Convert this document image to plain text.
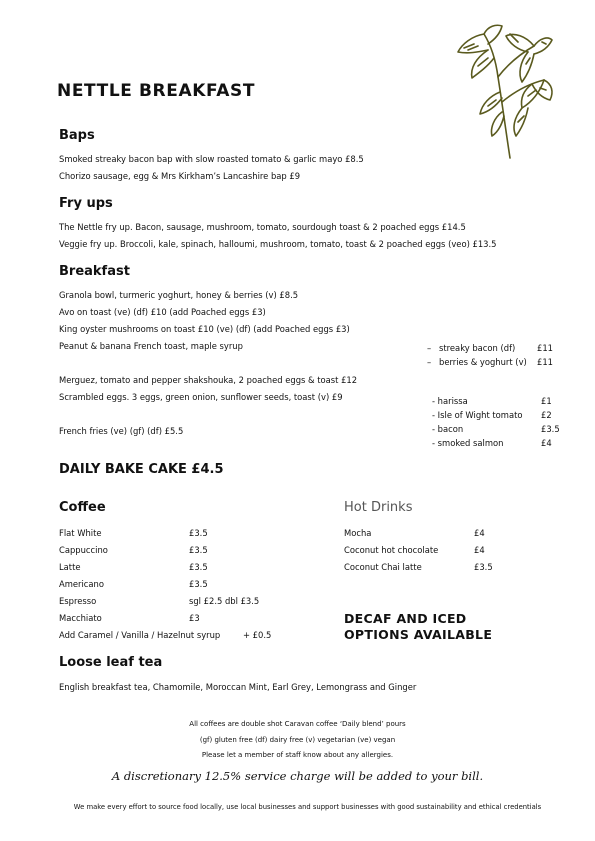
NETTLE BREAKFAST
Baps
Smoked streaky bacon bap with slow roasted tomato & garlic mayo £8.5
Chorizo sausage, egg & Mrs Kirkham’s Lancashire bap £9
Fry ups
The Nettle fry up. Bacon, sausage, mushroom, tomato, sourdough toast & 2 poached eggs £14.5
Veggie fry up. Broccoli, kale, spinach, halloumi, mushroom, tomato, toast & 2 poached eggs (veo) £13.5
Breakfast
Granola bowl, turmeric yoghurt, honey & berries (v) £8.5
Avo on toast (ve) (df) £10 (add Poached eggs £3)
King oyster mushrooms on toast £10 (ve) (df) (add Poached eggs £3)
Peanut & banana French toast, maple syrup
Merguez, tomato and pepper shakshouka, 2 poached eggs & toast £12
Scrambled eggs. 3 eggs, green onion, sunflower seeds, toast (v) £9
French fries (ve) (gf) (df) £5.5
– streaky bacon (df)	£11
– berries & yoghurt (v) £11
- harissa	£1
- Isle of Wight tomato £2
- bacon	£3.5
- smoked salmon	£4
DAILY BAKE CAKE £4.5
Coffee
Flat White	£3.5
Cappuccino	£3.5
Latte	£3.5
Americano	£3.5
Espresso	sgl £2.5 dbl £3.5
Macchiato	£3
Add Caramel / Vanilla / Hazelnut syrup	+ £0.5
Hot Drinks
Mocha	£4
Coconut hot chocolate	£4
Coconut Chai latte	£3.5
DECAF AND ICED
OPTIONS AVAILABLE
Loose leaf tea
English breakfast tea, Chamomile, Moroccan Mint, Earl Grey, Lemongrass and Ginger
All coffees are double shot Caravan coffee ‘Daily blend’ pours
(gf) gluten free (df) dairy free (v) vegetarian (ve) vegan
Please let a member of staff know about any allergies.
A discretionary 12.5% service charge will be added to your bill.
We make every effort to source food locally, use local businesses and support businesses with good sustainability and ethical credentials
